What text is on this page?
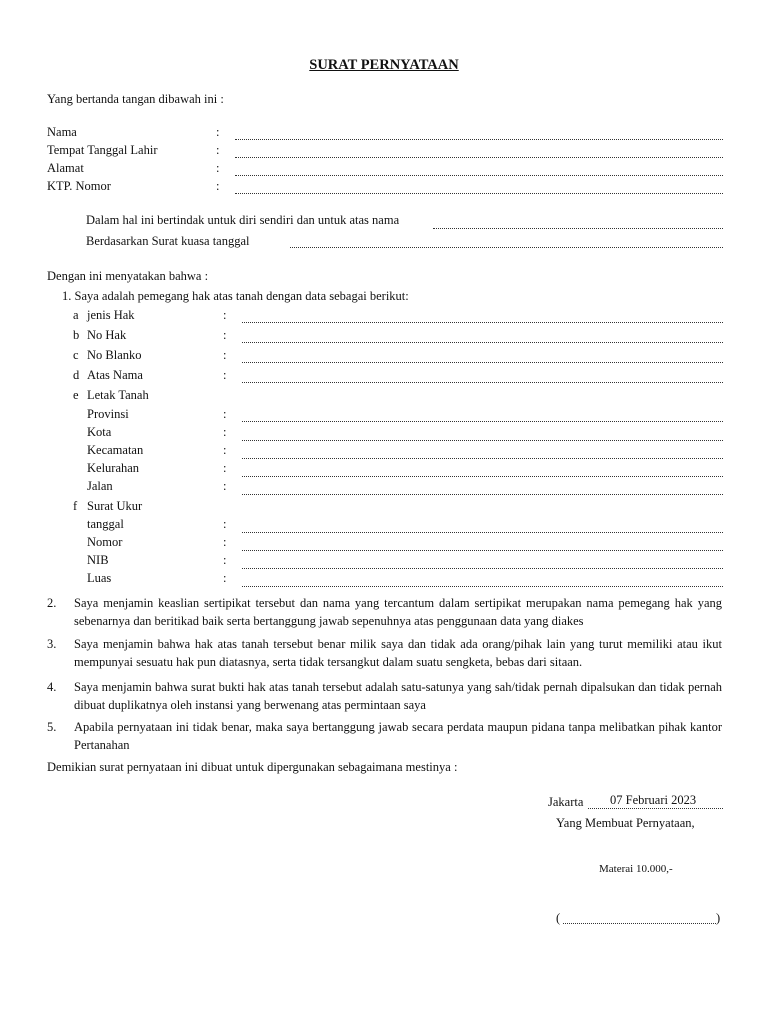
SURAT PERNYATAAN
Yang bertanda tangan dibawah ini :
Nama	:
Tempat Tanggal Lahir	:
Alamat	:
KTP. Nomor	:
Dalam hal ini bertindak untuk diri sendiri dan untuk atas nama
Berdasarkan Surat kuasa tanggal
Dengan ini menyatakan bahwa :
1. Saya adalah pemegang hak atas tanah dengan data sebagai berikut:
a jenis Hak	:
b No Hak	:
c No Blanko	:
d Atas Nama	:
e Letak Tanah
Provinsi	:
Kota	:
Kecamatan	:
Kelurahan	:
Jalan	:
f Surat Ukur
tanggal	:
Nomor	:
NIB	:
Luas	:
2. Saya menjamin keaslian sertipikat tersebut dan nama yang tercantum dalam sertipikat merupakan nama pemegang hak yang sebenarnya dan beritikad baik serta bertanggung jawab sepenuhnya atas penggunaan data yang diakes
3. Saya menjamin bahwa hak atas tanah tersebut benar milik saya dan tidak ada orang/pihak lain yang turut memiliki atau ikut mempunyai sesuatu hak pun diatasnya, serta tidak tersangkut dalam suatu sengketa, bebas dari sitaan.
4. Saya menjamin bahwa surat bukti hak atas tanah tersebut adalah satu-satunya yang sah/tidak pernah dipalsukan dan tidak pernah dibuat duplikatnya oleh instansi yang berwenang atas permintaan saya
5. Apabila pernyataan ini tidak benar, maka saya bertanggung jawab secara perdata maupun pidana tanpa melibatkan pihak kantor Pertanahan
Demikian surat pernyataan ini dibuat untuk dipergunakan sebagaimana mestinya :
Jakarta 07 Februari 2023
Yang Membuat Pernyataan,
Materai 10.000,-
(	)
